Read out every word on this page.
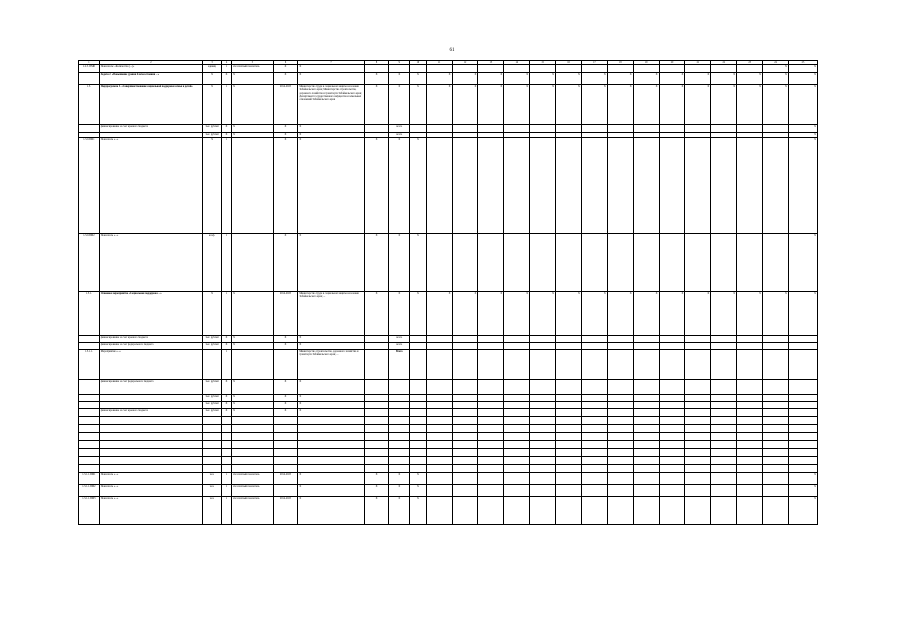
61
1	2	3	4	5	6	7	8	9	10	11	12	13	14	15	16	17	18	19	20	21	22	23	24	25
1.2.5. ПМ6	Показатель: «Количество (...)»	единиц	1	абсолютный показатель	X	X																	X	X
	Задача 2. «Повышение уровня благосостояния ...»	X	X	X	X	X	X	X	X	X	X	X	X	X	X	X	X	X	X	X	X	X	X	X
1.3.	Подпрограмма 3. «Совершенствование социальной поддержки семьи и детей»	X	1	X	2014-2025	Министерство труда и социальной защиты населения Забайкальского края; Министерство строительства, дорожного хозяйства и транспорта Забайкальского края; Департамент государственного имущества и земельных отношений Забайкальского края	X	X	X	X	X	X	X	X	X	X	X	X	X	X	X	X	X	X
	финансирование за счет краевого бюджета	тыс. рублей	X	X	X	X		всего																X
		тыс. рублей	X	X	X	X		всего																X
1.3.0.ПМ1	Показатель «...»	%	1		X	X	X	X	X															X
1.3.0.ПМ2	Показатель «...»	коэф.	1		X	X	X	X	X															X
1.3.1.	Основное мероприятие «Социальная поддержка ...»	X	1	X	2014-2025	Министерство труда и социальной защиты населения Забайкальского края; ...	X	X	X	X	X	X	X	X	X	X	X	X	X	X	X	X	X	X
	финансирование за счет краевого бюджета	тыс. рублей	X	X	X	X		всего																
	финансирование за счет федерального бюджета	тыс. рублей	X	X	X	X		всего																
1.3.1.1.	Мероприятие «...»		1			Министерство строительства, дорожного хозяйства и транспорта Забайкальского края; ...		Всего																
	финансирование за счет федерального бюджета	тыс. рублей	X	X	X	X																		
		тыс. рублей	X	X	X	X																		
		тыс. рублей	X	X	X	X																		
	финансирование за счет краевого бюджета	тыс. рублей	X	X	X	X																		

1.3.1.1.ПМ1	Показатель «...»	чел.	1	абсолютный показатель	2014-2025	X	X	X	X															X
1.3.1.1.ПМ2	Показатель «...»	чел.	1	абсолютный показатель		X	X	X	X															X
1.3.1.1.ПМ3	Показатель «...»	чел.	1	абсолютный показатель	2014-2025	X	X	X	X															X
